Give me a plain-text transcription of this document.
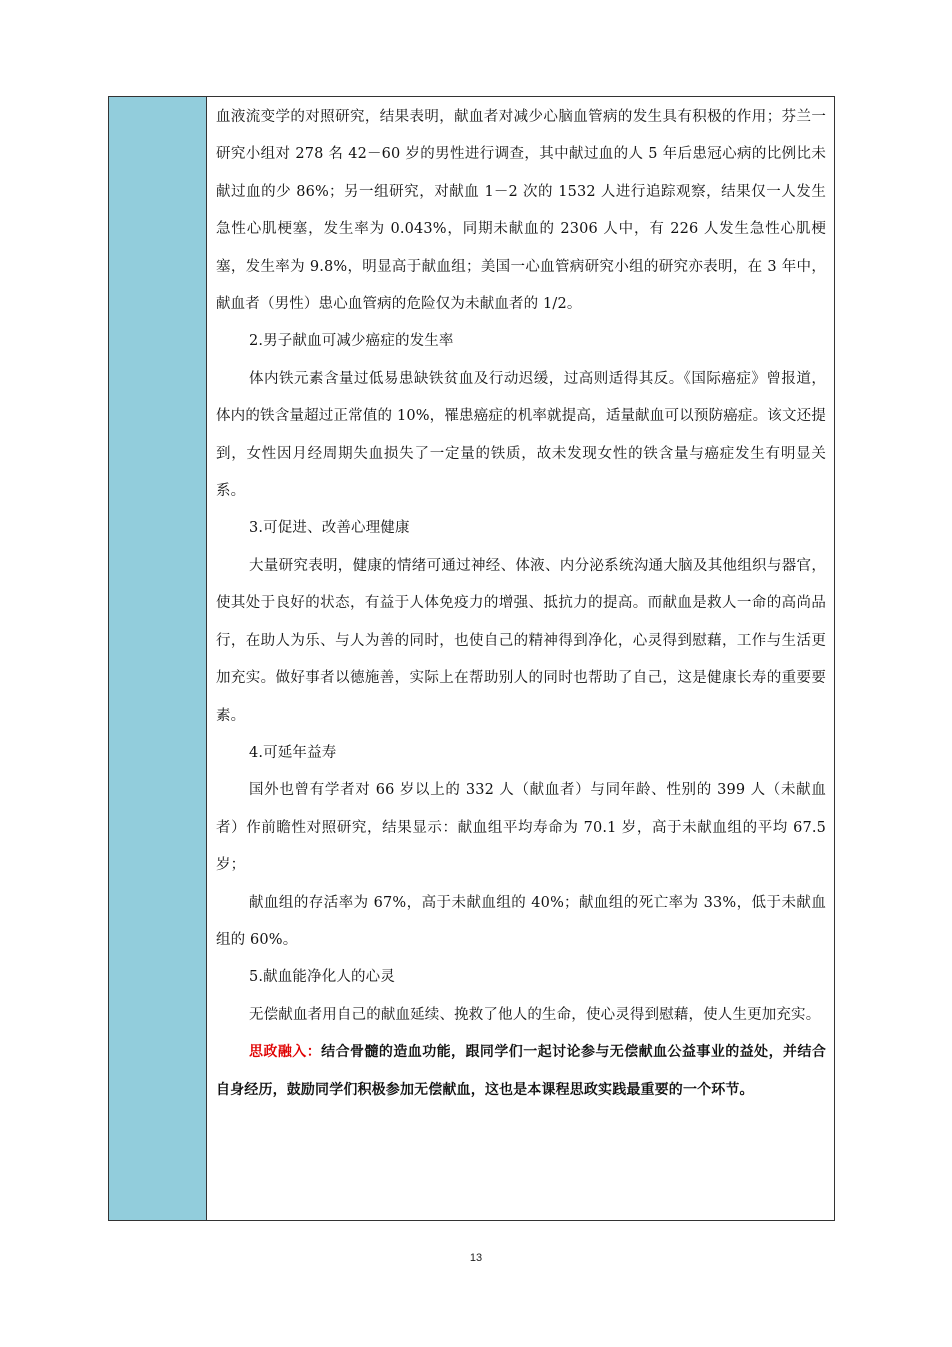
血液流变学的对照研究，结果表明，献血者对减少心脑血管病的发生具有积极的作用；芬兰一研究小组对 278 名 42－60 岁的男性进行调查，其中献过血的人 5 年后患冠心病的比例比未献过血的少 86%；另一组研究，对献血 1－2 次的 1532 人进行追踪观察，结果仅一人发生急性心肌梗塞，发生率为 0.043%，同期未献血的 2306 人中，有 226 人发生急性心肌梗塞，发生率为 9.8%，明显高于献血组；美国一心血管病研究小组的研究亦表明，在 3 年中，献血者（男性）患心血管病的危险仅为未献血者的 1/2。

2.男子献血可减少癌症的发生率

体内铁元素含量过低易患缺铁贫血及行动迟缓，过高则适得其反。《国际癌症》曾报道，体内的铁含量超过正常值的 10%，罹患癌症的机率就提高，适量献血可以预防癌症。该文还提到，女性因月经周期失血损失了一定量的铁质，故未发现女性的铁含量与癌症发生有明显关系。

3.可促进、改善心理健康

大量研究表明，健康的情绪可通过神经、体液、内分泌系统沟通大脑及其他组织与器官，使其处于良好的状态，有益于人体免疫力的增强、抵抗力的提高。而献血是救人一命的高尚品行，在助人为乐、与人为善的同时，也使自己的精神得到净化，心灵得到慰藉，工作与生活更加充实。做好事者以德施善，实际上在帮助别人的同时也帮助了自己，这是健康长寿的重要要素。

4.可延年益寿

国外也曾有学者对 66 岁以上的 332 人（献血者）与同年龄、性别的 399 人（未献血者）作前瞻性对照研究，结果显示：献血组平均寿命为 70.1 岁，高于未献血组的平均 67.5 岁；

献血组的存活率为 67%，高于未献血组的 40%；献血组的死亡率为 33%，低于未献血组的 60%。

5.献血能净化人的心灵

无偿献血者用自己的献血延续、挽救了他人的生命，使心灵得到慰藉，使人生更加充实。

思政融入：结合骨髓的造血功能，跟同学们一起讨论参与无偿献血公益事业的益处，并结合自身经历，鼓励同学们积极参加无偿献血，这也是本课程思政实践最重要的一个环节。

13
